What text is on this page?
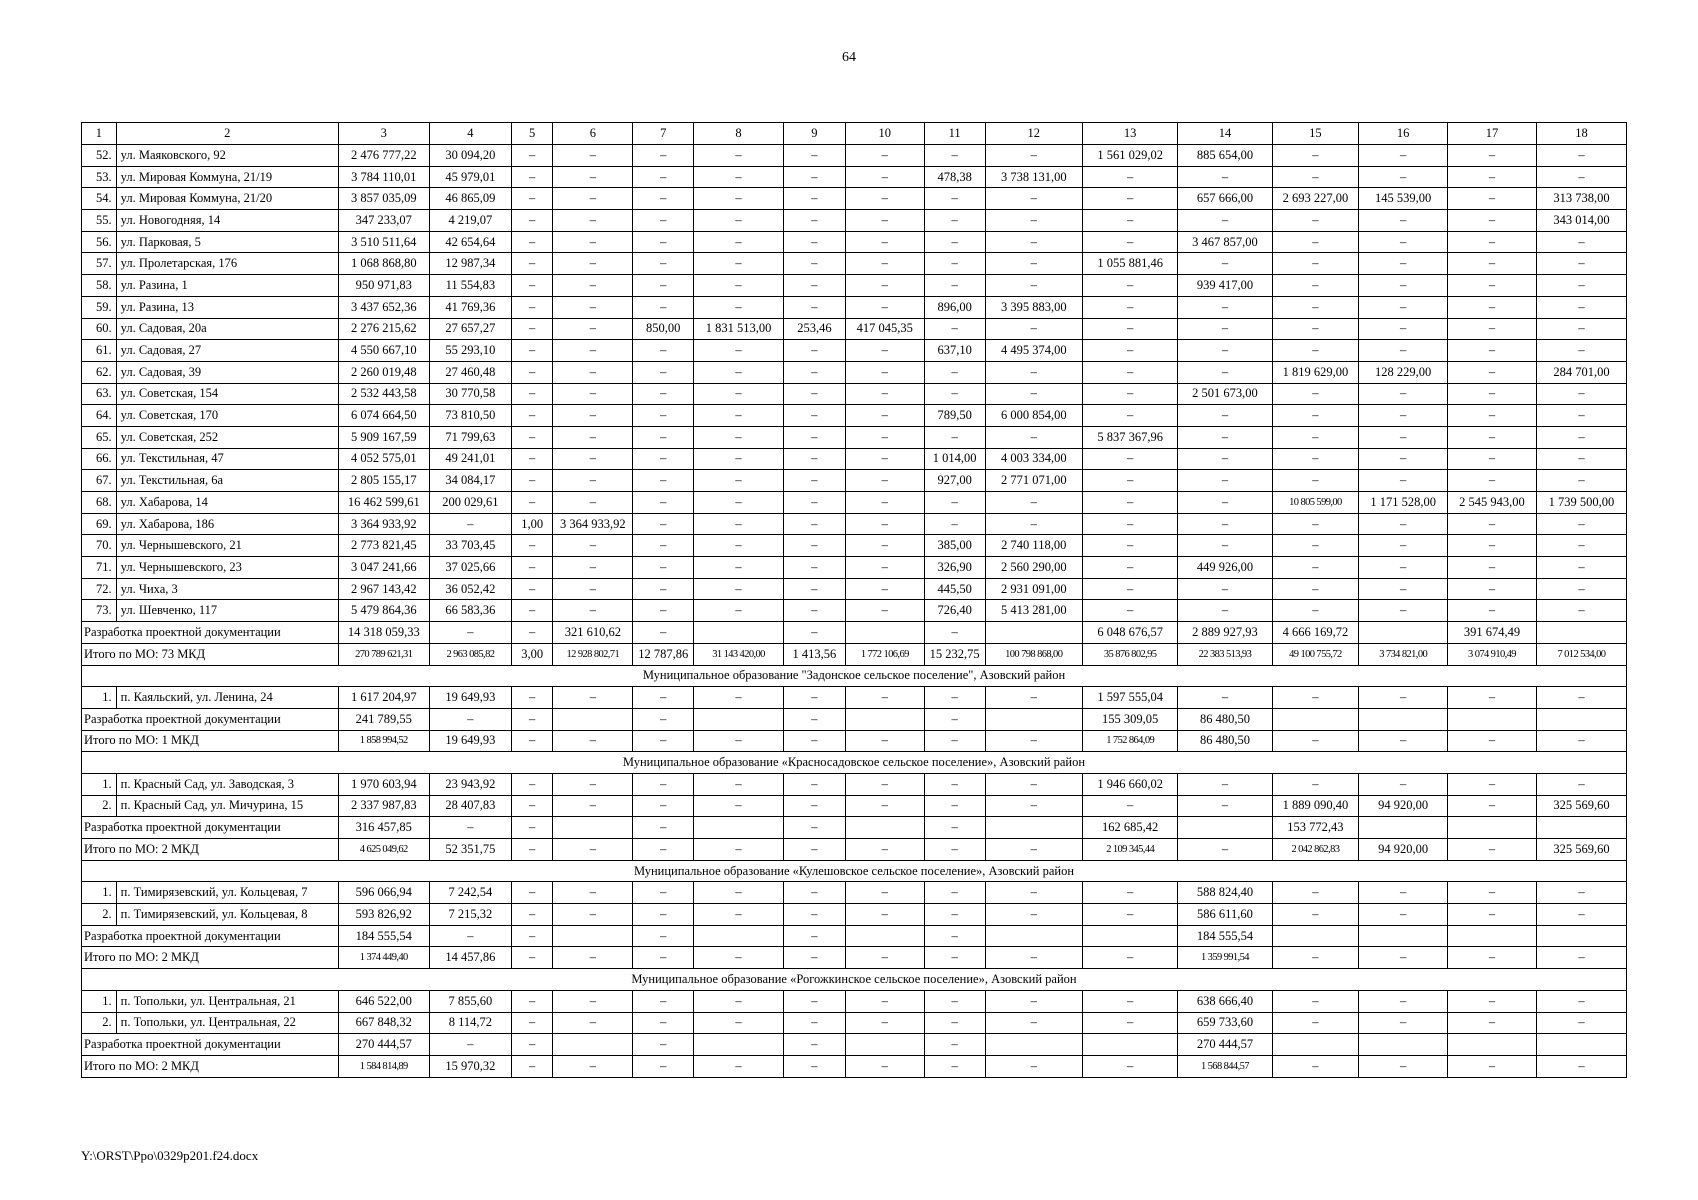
64
1	2	3	4	5	6	7	8	9	10	11	12	13	14	15	16	17	18
52.	ул. Маяковского, 92	2 476 777,22	30 094,20	–	–	–	–	–	–	–	–	1 561 029,02	885 654,00	–	–	–	–
53.	ул. Мировая Коммуна, 21/19	3 784 110,01	45 979,01	–	–	–	–	–	–	478,38	3 738 131,00	–	–	–	–	–	–
54.	ул. Мировая Коммуна, 21/20	3 857 035,09	46 865,09	–	–	–	–	–	–	–	–	–	657 666,00	2 693 227,00	145 539,00	–	313 738,00
55.	ул. Новогодняя, 14	347 233,07	4 219,07	–	–	–	–	–	–	–	–	–	–	–	–	–	343 014,00
56.	ул. Парковая, 5	3 510 511,64	42 654,64	–	–	–	–	–	–	–	–	–	3 467 857,00	–	–	–	–
57.	ул. Пролетарская, 176	1 068 868,80	12 987,34	–	–	–	–	–	–	–	–	1 055 881,46	–	–	–	–	–
58.	ул. Разина, 1	950 971,83	11 554,83	–	–	–	–	–	–	–	–	–	939 417,00	–	–	–	–
59.	ул. Разина, 13	3 437 652,36	41 769,36	–	–	–	–	–	–	896,00	3 395 883,00	–	–	–	–	–	–
60.	ул. Садовая, 20а	2 276 215,62	27 657,27	–	–	850,00	1 831 513,00	253,46	417 045,35	–	–	–	–	–	–	–	–
61.	ул. Садовая, 27	4 550 667,10	55 293,10	–	–	–	–	–	–	637,10	4 495 374,00	–	–	–	–	–	–
62.	ул. Садовая, 39	2 260 019,48	27 460,48	–	–	–	–	–	–	–	–	–	–	1 819 629,00	128 229,00	–	284 701,00
63.	ул. Советская, 154	2 532 443,58	30 770,58	–	–	–	–	–	–	–	–	–	2 501 673,00	–	–	–	–
64.	ул. Советская, 170	6 074 664,50	73 810,50	–	–	–	–	–	–	789,50	6 000 854,00	–	–	–	–	–	–
65.	ул. Советская, 252	5 909 167,59	71 799,63	–	–	–	–	–	–	–	–	5 837 367,96	–	–	–	–	–
66.	ул. Текстильная, 47	4 052 575,01	49 241,01	–	–	–	–	–	–	1 014,00	4 003 334,00	–	–	–	–	–	–
67.	ул. Текстильная, 6а	2 805 155,17	34 084,17	–	–	–	–	–	–	927,00	2 771 071,00	–	–	–	–	–	–
68.	ул. Хабарова, 14	16 462 599,61	200 029,61	–	–	–	–	–	–	–	–	–	–	10 805 599,00	1 171 528,00	2 545 943,00	1 739 500,00
69.	ул. Хабарова, 186	3 364 933,92	–	1,00	3 364 933,92	–	–	–	–	–	–	–	–	–	–	–	–
70.	ул. Чернышевского, 21	2 773 821,45	33 703,45	–	–	–	–	–	–	385,00	2 740 118,00	–	–	–	–	–	–
71.	ул. Чернышевского, 23	3 047 241,66	37 025,66	–	–	–	–	–	–	326,90	2 560 290,00	–	449 926,00	–	–	–	–
72.	ул. Чиха, 3	2 967 143,42	36 052,42	–	–	–	–	–	–	445,50	2 931 091,00	–	–	–	–	–	–
73.	ул. Шевченко, 117	5 479 864,36	66 583,36	–	–	–	–	–	–	726,40	5 413 281,00	–	–	–	–	–	–
Разработка проектной документации		14 318 059,33	–	–	321 610,62	–		–		–		6 048 676,57	2 889 927,93	4 666 169,72		391 674,49	
Итого по МО: 73 МКД		270 789 621,31	2 963 085,82	3,00	12 928 802,71	12 787,86	31 143 420,00	1 413,56	1 772 106,69	15 232,75	100 798 868,00	35 876 802,95	22 383 513,93	49 100 755,72	3 734 821,00	3 074 910,49	7 012 534,00
Муниципальное образование "Задонское сельское поселение", Азовский район																	
1.	п. Каяльский, ул. Ленина, 24	1 617 204,97	19 649,93	–	–	–	–	–	–	–	–	1 597 555,04	–	–	–	–	–
Разработка проектной документации		241 789,55	–	–		–		–		–		155 309,05	86 480,50				
Итого по МО: 1 МКД		1 858 994,52	19 649,93	–	–	–	–	–	–	–	–	1 752 864,09	86 480,50	–	–	–	–
Муниципальное образование «Красносадовское сельское поселение», Азовский район																	
1.	п. Красный Сад, ул. Заводская, 3	1 970 603,94	23 943,92	–	–	–	–	–	–	–	–	1 946 660,02	–	–	–	–	–
2.	п. Красный Сад, ул. Мичурина, 15	2 337 987,83	28 407,83	–	–	–	–	–	–	–	–	–	–	1 889 090,40	94 920,00	–	325 569,60
Разработка проектной документации		316 457,85	–	–		–		–		–		162 685,42		153 772,43			
Итого по МО: 2 МКД		4 625 049,62	52 351,75	–	–	–	–	–	–	–	–	2 109 345,44	–	2 042 862,83	94 920,00	–	325 569,60
Муниципальное образование «Кулешовское сельское поселение», Азовский район																	
1.	п. Тимирязевский, ул. Кольцевая, 7	596 066,94	7 242,54	–	–	–	–	–	–	–	–	–	588 824,40	–	–	–	–
2.	п. Тимирязевский, ул. Кольцевая, 8	593 826,92	7 215,32	–	–	–	–	–	–	–	–	–	586 611,60	–	–	–	–
Разработка проектной документации		184 555,54	–	–		–		–		–			184 555,54				
Итого по МО: 2 МКД		1 374 449,40	14 457,86	–	–	–	–	–	–	–	–	–	1 359 991,54	–	–	–	–
Муниципальное образование «Рогожкинское сельское поселение», Азовский район																	
1.	п. Топольки, ул. Центральная, 21	646 522,00	7 855,60	–	–	–	–	–	–	–	–	–	638 666,40	–	–	–	–
2.	п. Топольки, ул. Центральная, 22	667 848,32	8 114,72	–	–	–	–	–	–	–	–	–	659 733,60	–	–	–	–
Разработка проектной документации		270 444,57	–	–		–		–		–			270 444,57				
Итого по МО: 2 МКД		1 584 814,89	15 970,32	–	–	–	–	–	–	–	–	–	1 568 844,57	–	–	–	–
Y:\ORST\Ppo\0329p201.f24.docx
